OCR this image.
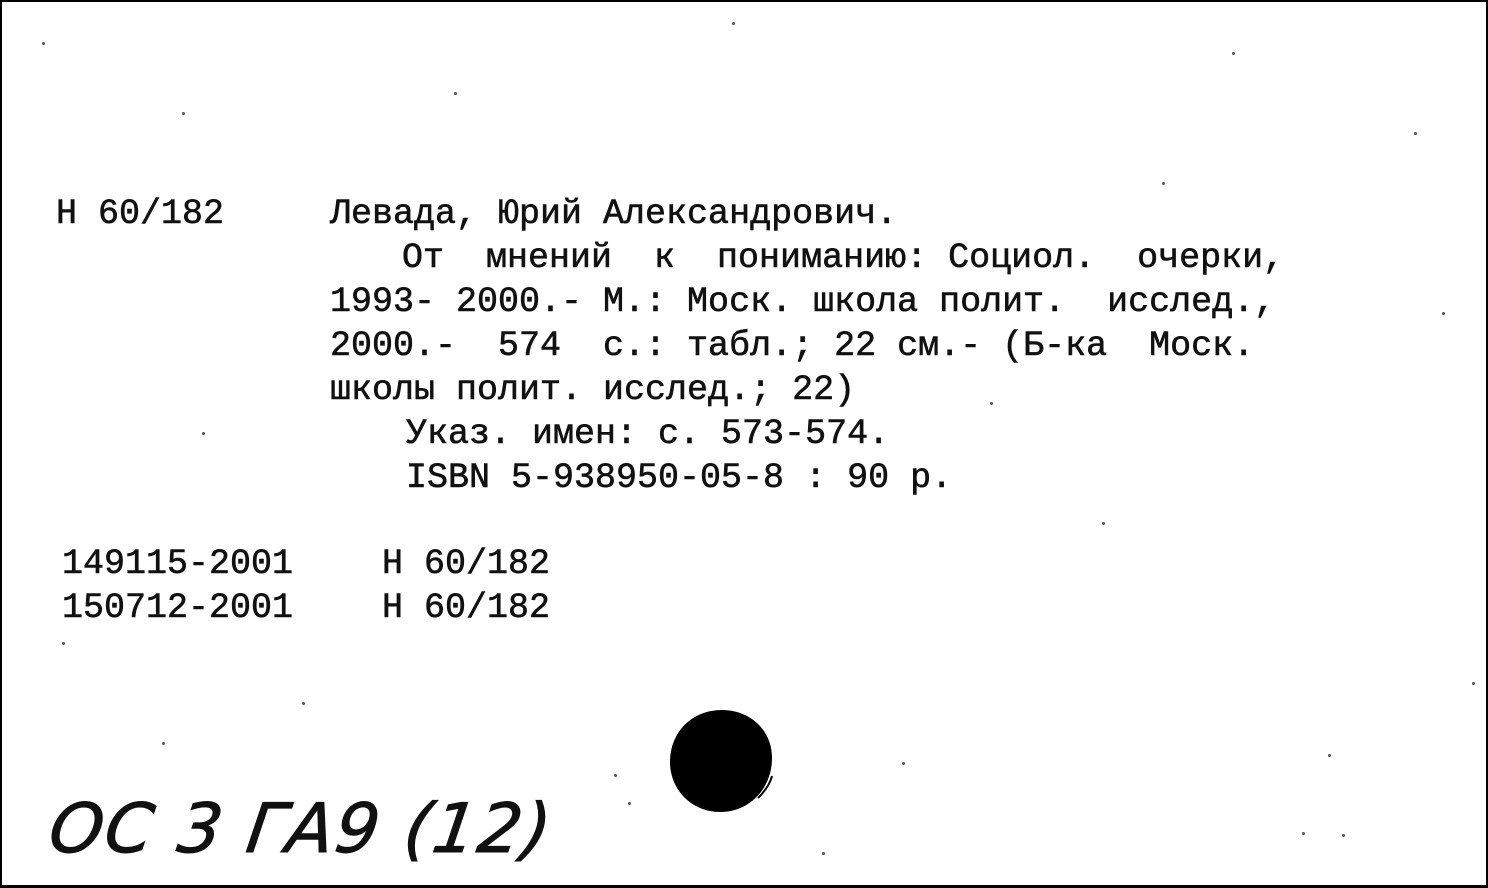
Н 60/182	Левада, Юрий Александрович.
От  мнений  к  пониманию: Социол.  очерки,
1993- 2000.- М.: Моск. школа полит.  исслед.,
2000.-  574  с.: табл.; 22 см.- (Б-ка  Моск.
школы полит. исслед.; 22)
Указ. имен: с. 573-574.
ISBN 5-938950-05-8 : 90 р.
149115-2001	Н 60/182
150712-2001	Н 60/182
ОС 3 ГА9 (12)
